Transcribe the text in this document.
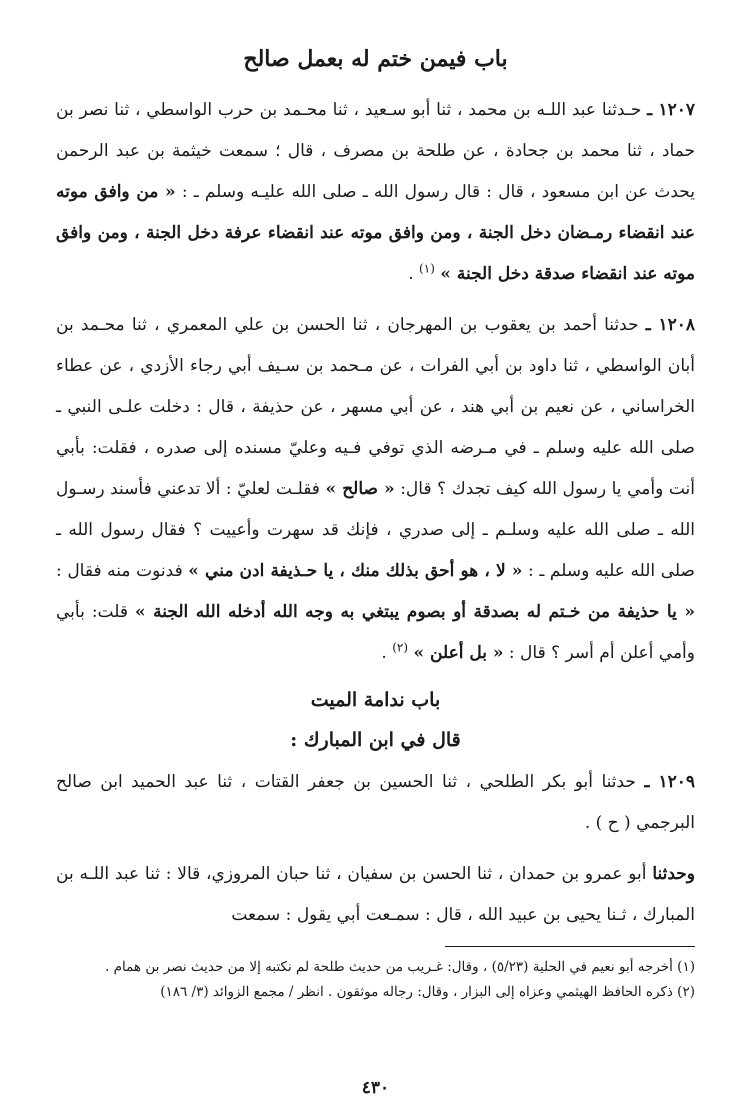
باب فيمن ختم له بعمل صالح

١٢٠٧ ـ حـدثنا عبد اللـه بن محمد ، ثنا أبو سـعيد ، ثنا محـمد بن حرب الواسطي ، ثنا نصر بن حماد ، ثنا محمد بن جحادة ، عن طلحة بن مصرف ، قال ؛ سمعت خيثمة بن عبد الرحمن يحدث عن ابن مسعود ، قال : قال رسول الله ـ صلى الله عليـه وسلم ـ : « من وافق موته عند انقضاء رمـضان دخل الجنة ، ومن وافق موته عند انقضاء عرفة دخل الجنة ، ومن وافق موته عند انقضاء صدقة دخل الجنة » $^{(١)}$ .

١٢٠٨ ـ حدثنا أحمد بن يعقوب بن المهرجان ، ثنا الحسن بن علي المعمري ، ثنا محـمد بن أبان الواسطي ، ثنا داود بن أبي الفرات ، عن مـحمد بن سـيف أبي رجاء الأزدي ، عن عطاء الخراساني ، عن نعيم بن أبي هند ، عن أبي مسهر ، عن حذيفة ، قال : دخلت علـى النبي ـ صلى الله عليه وسلم ـ في مـرضه الذي توفي فـيه وعليّ مسنده إلى صدره ، فقلت: بأبي أنت وأمي يا رسول الله كيف تجدك ؟ قال: « صالح » فقلـت لعليّ : ألا تدعني فأسند رسـول الله ـ صلى الله عليه وسلـم ـ إلى صدري ، فإنك قد سهرت وأعييت ؟ فقال رسول الله ـ صلى الله عليه وسلم ـ : « لا ، هو أحق بذلك منك ، يا حـذيفة ادن مني » فدنوت منه فقال : « يا حذيفة من خـتم له بصدقة أو بصوم يبتغي به وجه الله أدخله الله الجنة » قلت: بأبي وأمي أعلن أم أسر ؟ قال : « بل أعلن » $^{(٢)}$ .

باب ندامة الميت
قال في ابن المبارك :

١٢٠٩ ـ حدثنا أبو بكر الطلحي ، ثنا الحسين بن جعفر القتات ، ثنا عبد الحميد ابن صالح البرجمي ( ح ) .

وحدثنا أبو عمرو بن حمدان ، ثنا الحسن بن سفيان ، ثنا حبان المروزي، قالا : ثنا عبد اللـه بن المبارك ، ثـنا يحيى بن عبيد الله ، قال : سمـعت أبي يقول : سمعت

(١) أخرجه أبو نعيم في الحلية (٥/٢٣) ، وقال: غـريب من حديث طلحة لم نكتبه إلا من حديث نصر بن همام .

(٢) ذكره الحافظ الهيثمي وعزاه إلى البزار ، وقال: رجاله موثقون . انظر / مجمع الزوائد (٣/ ١٨٦)

٤٣٠
